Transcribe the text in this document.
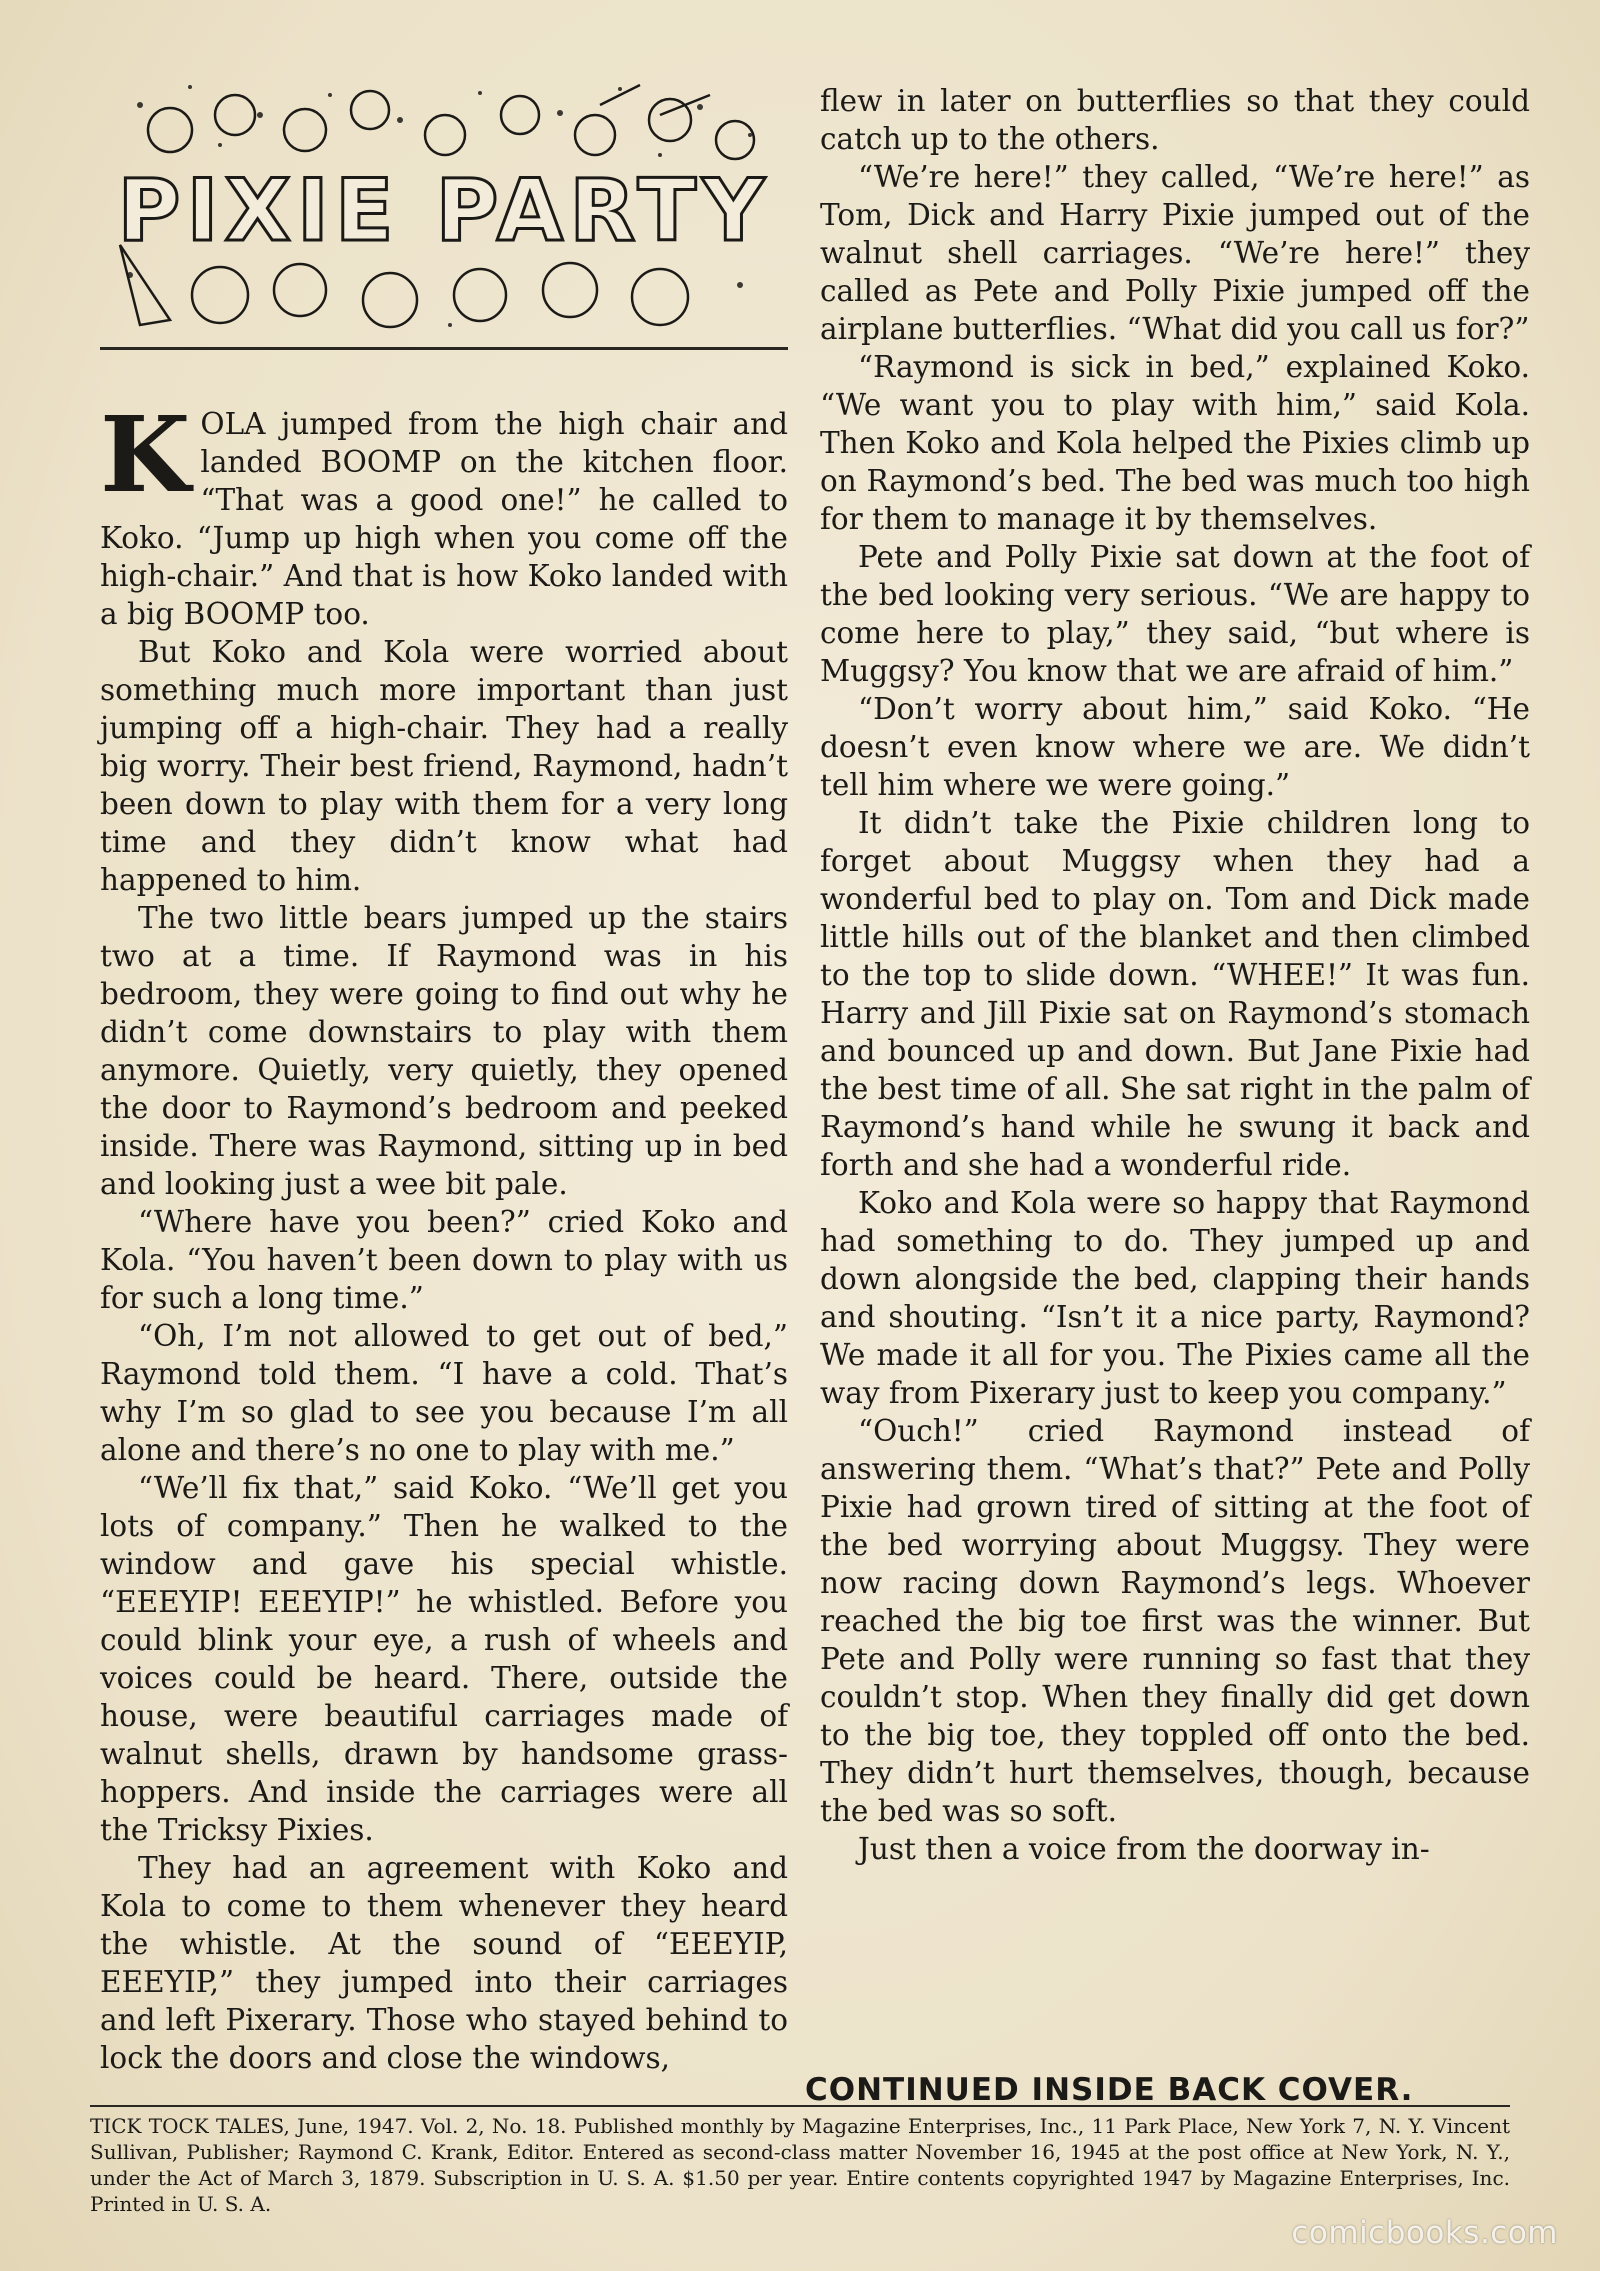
PIXIE PARTY

KOLA jumped from the high chair and landed BOOMP on the kitchen floor. “That was a good one!” he called to Koko. “Jump up high when you come off the high-chair.” And that is how Koko landed with a big BOOMP too.

But Koko and Kola were worried about something much more important than just jumping off a high-chair. They had a really big worry. Their best friend, Raymond, hadn’t been down to play with them for a very long time and they didn’t know what had happened to him.

The two little bears jumped up the stairs two at a time. If Raymond was in his bedroom, they were going to find out why he didn’t come downstairs to play with them anymore. Quietly, very quietly, they opened the door to Raymond’s bedroom and peeked inside. There was Raymond, sitting up in bed and looking just a wee bit pale.

“Where have you been?” cried Koko and Kola. “You haven’t been down to play with us for such a long time.”

“Oh, I’m not allowed to get out of bed,” Raymond told them. “I have a cold. That’s why I’m so glad to see you because I’m all alone and there’s no one to play with me.”

“We’ll fix that,” said Koko. “We’ll get you lots of company.” Then he walked to the window and gave his special whistle. “EEEYIP! EEEYIP!” he whistled. Before you could blink your eye, a rush of wheels and voices could be heard. There, outside the house, were beautiful carriages made of walnut shells, drawn by handsome grass-hoppers. And inside the carriages were all the Tricksy Pixies.

They had an agreement with Koko and Kola to come to them whenever they heard the whistle. At the sound of “EEEYIP, EEEYIP,” they jumped into their carriages and left Pixerary. Those who stayed behind to lock the doors and close the windows,

flew in later on butterflies so that they could catch up to the others.

“We’re here!” they called, “We’re here!” as Tom, Dick and Harry Pixie jumped out of the walnut shell carriages. “We’re here!” they called as Pete and Polly Pixie jumped off the airplane butterflies. “What did you call us for?”

“Raymond is sick in bed,” explained Koko. “We want you to play with him,” said Kola. Then Koko and Kola helped the Pixies climb up on Raymond’s bed. The bed was much too high for them to manage it by themselves.

Pete and Polly Pixie sat down at the foot of the bed looking very serious. “We are happy to come here to play,” they said, “but where is Muggsy? You know that we are afraid of him.”

“Don’t worry about him,” said Koko. “He doesn’t even know where we are. We didn’t tell him where we were going.”

It didn’t take the Pixie children long to forget about Muggsy when they had a wonderful bed to play on. Tom and Dick made little hills out of the blanket and then climbed to the top to slide down. “WHEE!” It was fun. Harry and Jill Pixie sat on Raymond’s stomach and bounced up and down. But Jane Pixie had the best time of all. She sat right in the palm of Raymond’s hand while he swung it back and forth and she had a wonderful ride.

Koko and Kola were so happy that Raymond had something to do. They jumped up and down alongside the bed, clapping their hands and shouting. “Isn’t it a nice party, Raymond? We made it all for you. The Pixies came all the way from Pixerary just to keep you company.”

“Ouch!” cried Raymond instead of answering them. “What’s that?” Pete and Polly Pixie had grown tired of sitting at the foot of the bed worrying about Muggsy. They were now racing down Raymond’s legs. Whoever reached the big toe first was the winner. But Pete and Polly were running so fast that they couldn’t stop. When they finally did get down to the big toe, they toppled off onto the bed. They didn’t hurt themselves, though, because the bed was so soft.

Just then a voice from the doorway in-

CONTINUED INSIDE BACK COVER.
TICK TOCK TALES, June, 1947. Vol. 2, No. 18. Published monthly by Magazine Enterprises, Inc., 11 Park Place, New York 7, N. Y. Vincent Sullivan, Publisher; Raymond C. Krank, Editor. Entered as second-class matter November 16, 1945 at the post office at New York, N. Y., under the Act of March 3, 1879. Subscription in U. S. A. $1.50 per year. Entire contents copyrighted 1947 by Magazine Enterprises, Inc. Printed in U. S. A.
comicbooks.com
